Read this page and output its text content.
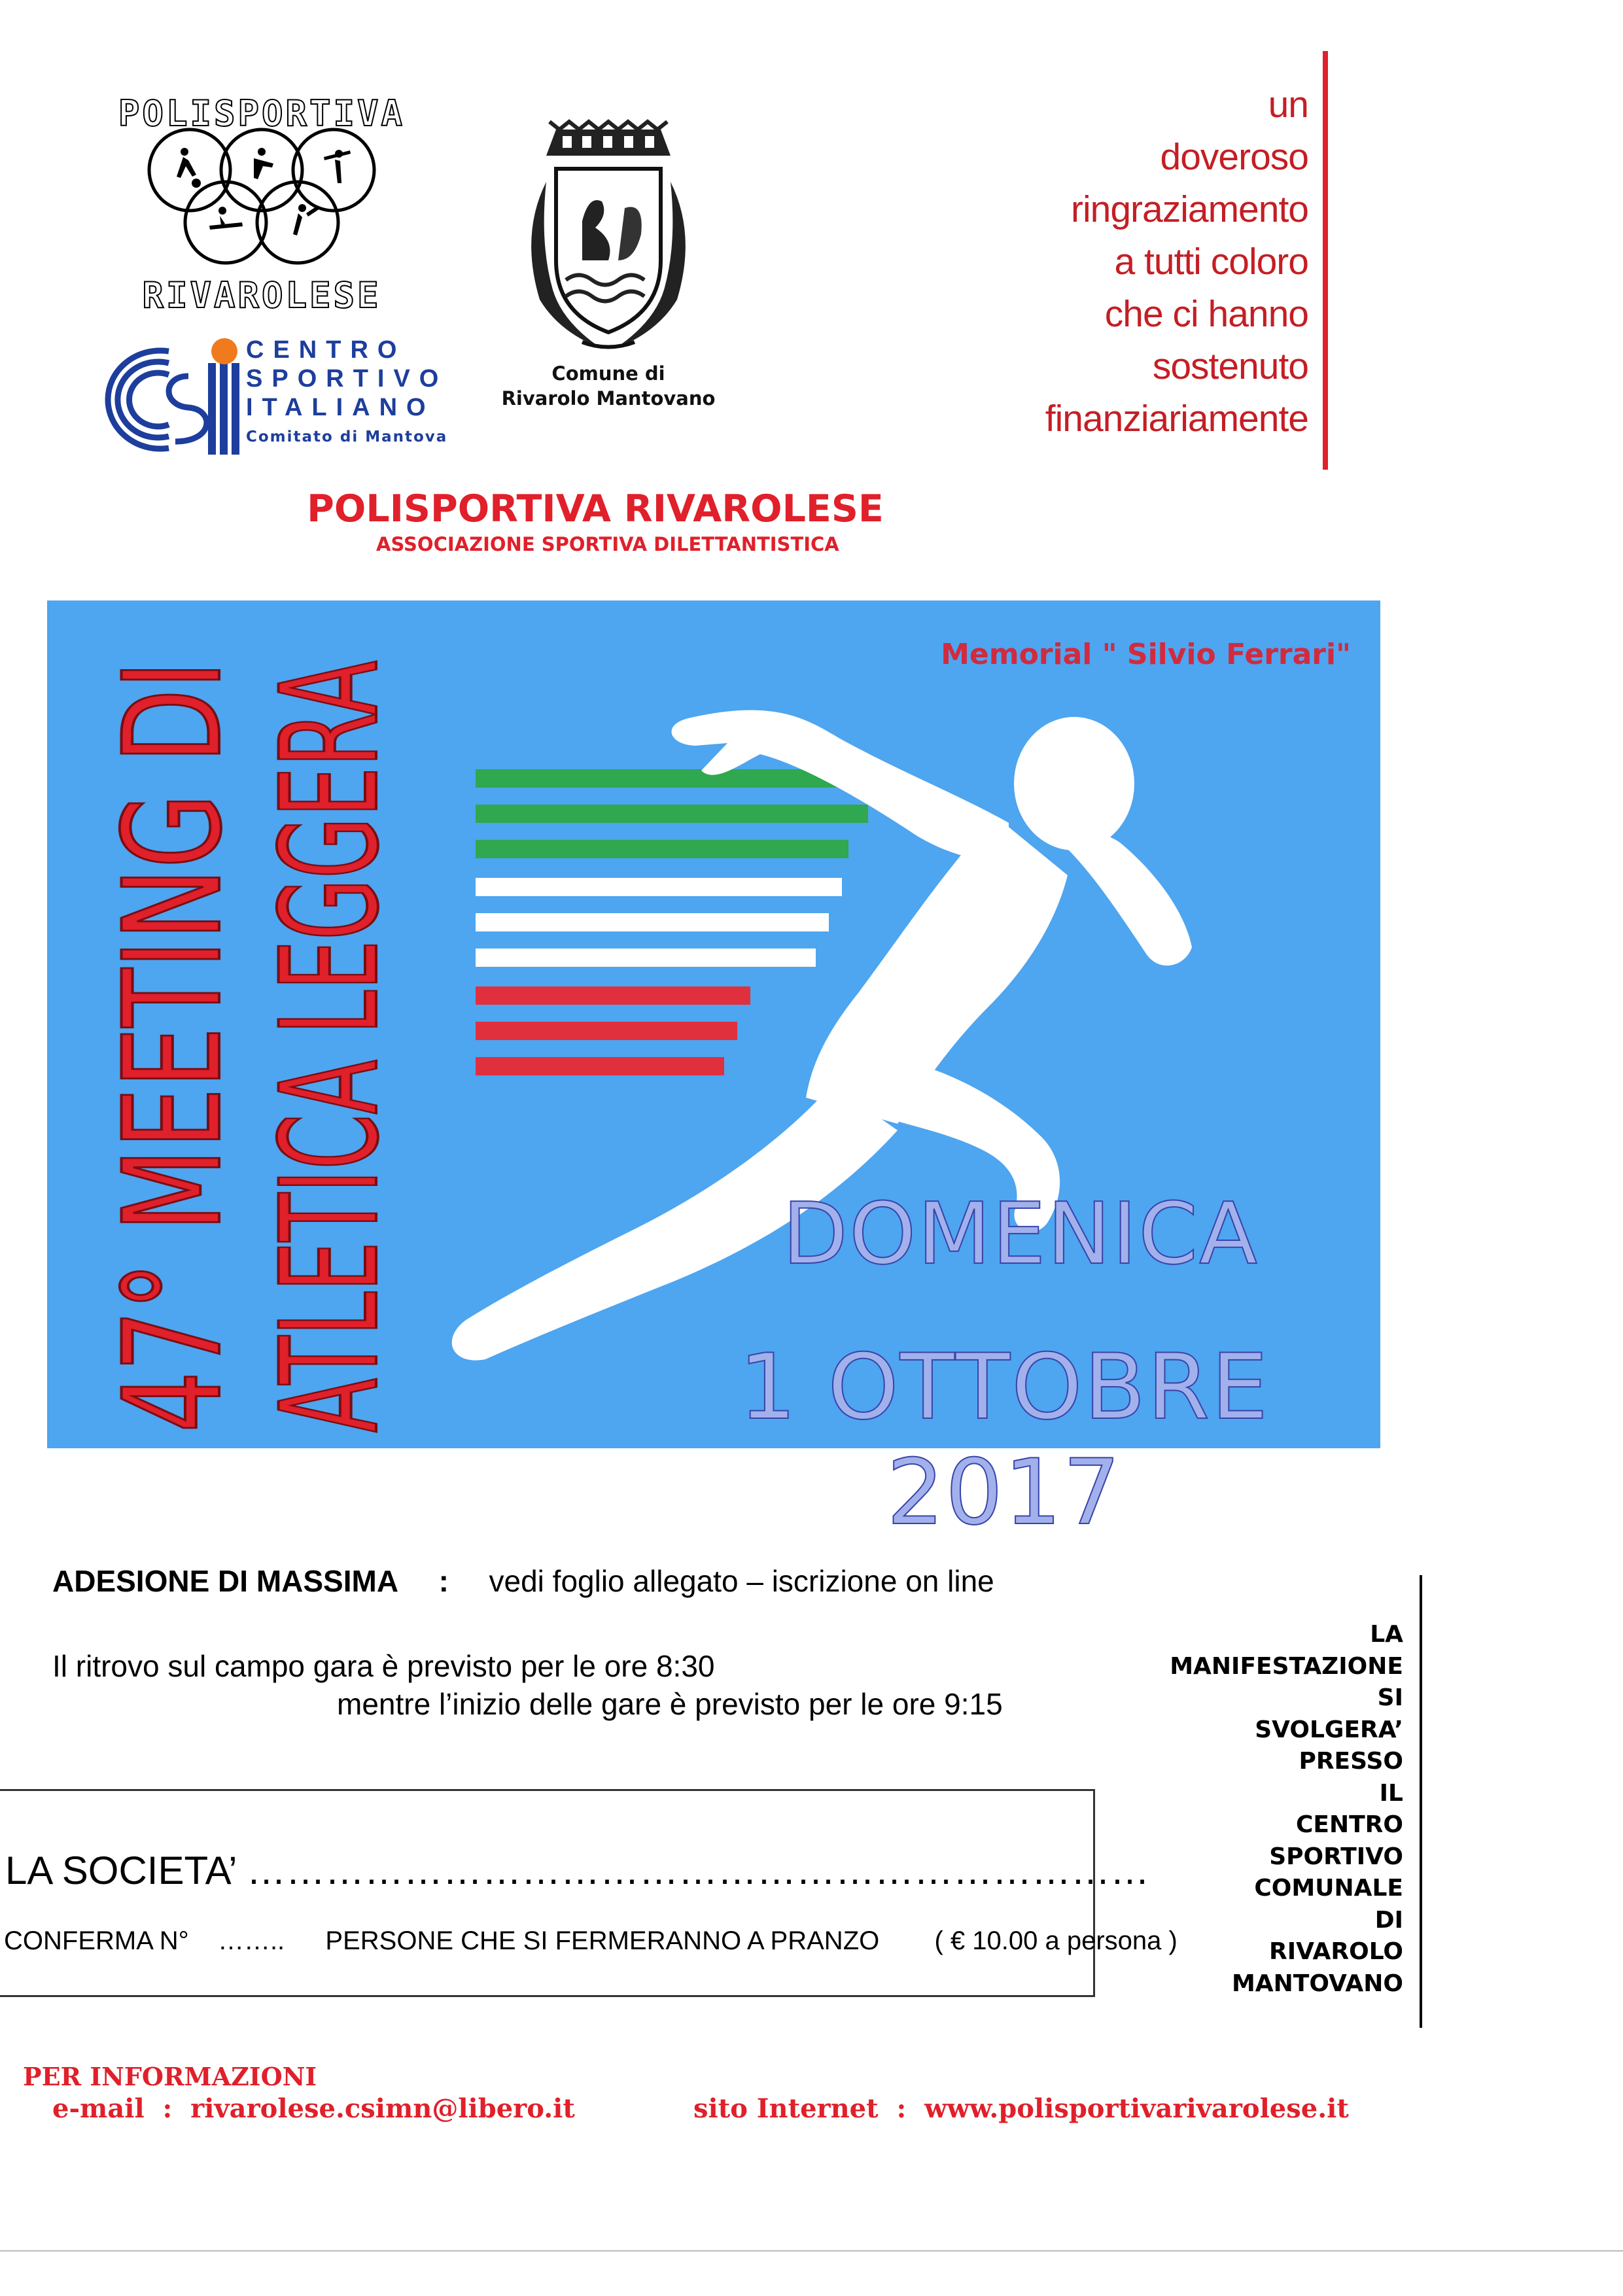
POLISPORTIVA
RIVAROLESE
CENTRO
SPORTIVO
ITALIANO
Comitato di Mantova
Comune di
Rivarolo Mantovano
un
doveroso
ringraziamento
a tutti coloro
che ci hanno
sostenuto
finanziariamente
POLISPORTIVA RIVAROLESE
ASSOCIAZIONE SPORTIVA DILETTANTISTICA
Memorial " Silvio Ferrari"
47° MEETING DI ATLETICA	DOMENICA
1 OTTOBRE 2017
ADESIONE DI MASSIMA : vedi foglio allegato – iscrizione on line
Il ritrovo sul campo gara è previsto per le ore 8:30
mentre l’inizio delle gare è previsto per le ore 9:15
LA
MANIFESTAZIONE
SI
SVOLGERA’
PRESSO
IL
CENTRO
SPORTIVO
COMUNALE
DI
RIVAROLO
MANTOVANO
LA SOCIETA’ ……………………………………………………………
CONFERMA N° …….. PERSONE CHE SI FERMERANNO A PRANZO ( € 10.00 a persona )
PER INFORMAZIONI
e-mail  :  rivarolese.csimn@libero.it	sito Internet  :  www.polisportivarivarolese.it
